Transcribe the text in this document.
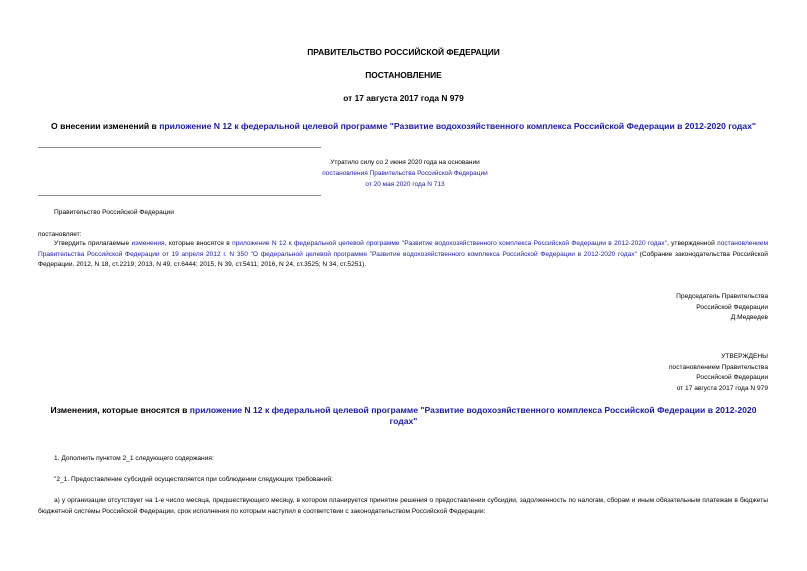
ПРАВИТЕЛЬСТВО РОССИЙСКОЙ ФЕДЕРАЦИИ
ПОСТАНОВЛЕНИЕ
от 17 августа 2017 года N 979
О внесении изменений в приложение N 12 к федеральной целевой программе "Развитие водохозяйственного комплекса Российской Федерации в 2012-2020 годах"
Утратило силу со 2 июня 2020 года на основании
постановления Правительства Российской Федерации
от 20 мая 2020 года N 713
Правительство Российской Федерации
постановляет:
Утвердить прилагаемые изменения, которые вносятся в приложение N 12 к федеральной целевой программе "Развитие водохозяйственного комплекса Российской Федерации в 2012-2020 годах", утвержденной постановлением Правительства Российской Федерации от 19 апреля 2012 г. N 350 "О федеральной целевой программе "Развитие водохозяйственного комплекса Российской Федерации в 2012-2020 годах" (Собрание законодательства Российской Федерации, 2012, N 18, ст.2219; 2013, N 49, ст.6444; 2015, N 39, ст.5411; 2016, N 24, ст.3525; N 34, ст.5251).
Председатель Правительства
Российской Федерации
Д.Медведев
УТВЕРЖДЕНЫ
постановлением Правительства
Российской Федерации
от 17 августа 2017 года N 979
Изменения, которые вносятся в приложение N 12 к федеральной целевой программе "Развитие водохозяйственного комплекса Российской Федерации в 2012-2020 годах"
1. Дополнить пунктом 2_1 следующего содержания:
"2_1. Предоставление субсидий осуществляется при соблюдении следующих требований:
а) у организации отсутствует на 1-е число месяца, предшествующего месяцу, в котором планируется принятие решения о предоставлении субсидии, задолженность по налогам, сборам и иным обязательным платежам в бюджеты бюджетной системы Российской Федерации, срок исполнения по которым наступил в соответствии с законодательством Российской Федерации;
